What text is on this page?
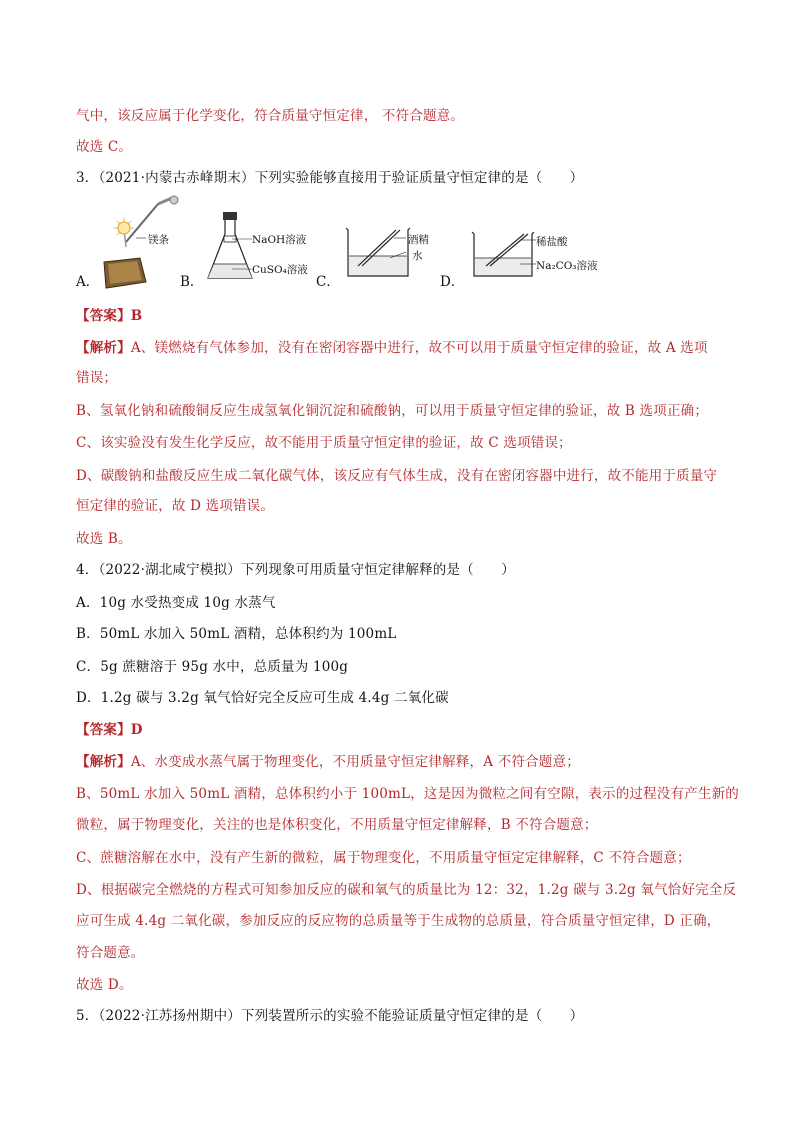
气中，该反应属于化学变化，符合质量守恒定律， 不符合题意。
故选 C。
3．（2021·内蒙古赤峰期末）下列实验能够直接用于验证质量守恒定律的是（　　）
A．
镁条
B．
NaOH溶液
CuSO₄溶液
C．
酒精
水
D．
稀盐酸
Na₂CO₃溶液
【答案】B
【解析】A、镁燃烧有气体参加，没有在密闭容器中进行，故不可以用于质量守恒定律的验证，故 A 选项
错误；
B、氢氧化钠和硫酸铜反应生成氢氧化铜沉淀和硫酸钠，可以用于质量守恒定律的验证，故 B 选项正确；
C、该实验没有发生化学反应，故不能用于质量守恒定律的验证，故 C 选项错误；
D、碳酸钠和盐酸反应生成二氧化碳气体，该反应有气体生成，没有在密闭容器中进行，故不能用于质量守
恒定律的验证，故 D 选项错误。
故选 B。
4．（2022·湖北咸宁模拟）下列现象可用质量守恒定律解释的是（　　）
A．10g 水受热变成 10g 水蒸气
B．50mL 水加入 50mL 酒精，总体积约为 100mL
C．5g 蔗糖溶于 95g 水中，总质量为 100g
D．1.2g 碳与 3.2g 氧气恰好完全反应可生成 4.4g 二氧化碳
【答案】D
【解析】A、水变成水蒸气属于物理变化，不用质量守恒定律解释，A 不符合题意；
B、50mL 水加入 50mL 酒精，总体积约小于 100mL，这是因为微粒之间有空隙，表示的过程没有产生新的
微粒，属于物理变化，关注的也是体积变化，不用质量守恒定律解释，B 不符合题意；
C、蔗糖溶解在水中，没有产生新的微粒，属于物理变化，不用质量守恒定定律解释，C 不符合题意；
D、根据碳完全燃烧的方程式可知参加反应的碳和氧气的质量比为 12：32，1.2g 碳与 3.2g 氧气恰好完全反
应可生成 4.4g 二氧化碳，参加反应的反应物的总质量等于生成物的总质量，符合质量守恒定律，D 正确，
符合题意。
故选 D。
5．（2022·江苏扬州期中）下列装置所示的实验不能验证质量守恒定律的是（　　）
